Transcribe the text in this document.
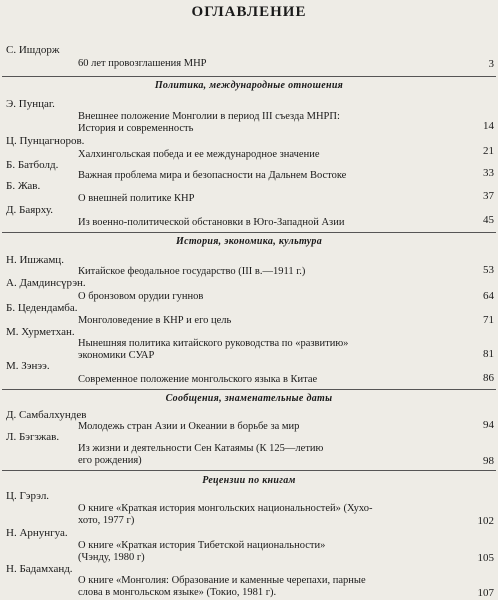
ОГЛАВЛЕНИЕ
С. Ишдорж
60 лет провозглашения МНР	3
Политика, международные отношения
Э. Пунцаг.
Внешнее положение Монголии в период III съезда МНРП:
История и современность	14
Ц. Пунцагноров.
Халхингольская победа и ее международное значение	21
Б. Батболд.
Важная проблема мира и безопасности на Дальнем Востоке	33
Б. Жав.
О внешней политике КНР	37
Д. Баярху.
Из военно-политической обстановки в Юго-Западной Азии	45
История, экономика, культура
Н. Ишжамц.
Китайское феодальное государство (III в.—1911 г.)	53
А. Дамдинсүрэн.
О бронзовом орудии гуннов	64
Б. Цедендамба.
Монголоведение в КНР и его цель	71
М. Хурметхан.
Нынешняя политика китайского руководства по «развитию»
экономики СУАР	81
М. Зэнээ.
Современное положение монгольского языка в Китае	86
Сообщения, знаменательные даты
Д. Самбалхундев
Молодежь стран Азии и Океании в борьбе за мир	94
Л. Бэгзжав.
Из жизни и деятельности Сен Катаямы (К 125—летию
его рождения)	98
Рецензии по книгам
Ц. Гэрэл.
О книге «Краткая история монгольских национальностей» (Хухо-
хото, 1977 г)	102
Н. Арнунгуа.
О книге «Краткая история Тибетской национальности»
(Чэнду, 1980 г)	105
Н. Бадамханд.
О книге «Монголия: Образование и каменные черепахи, парные
слова в монгольском языке» (Токио, 1981 г).	107
